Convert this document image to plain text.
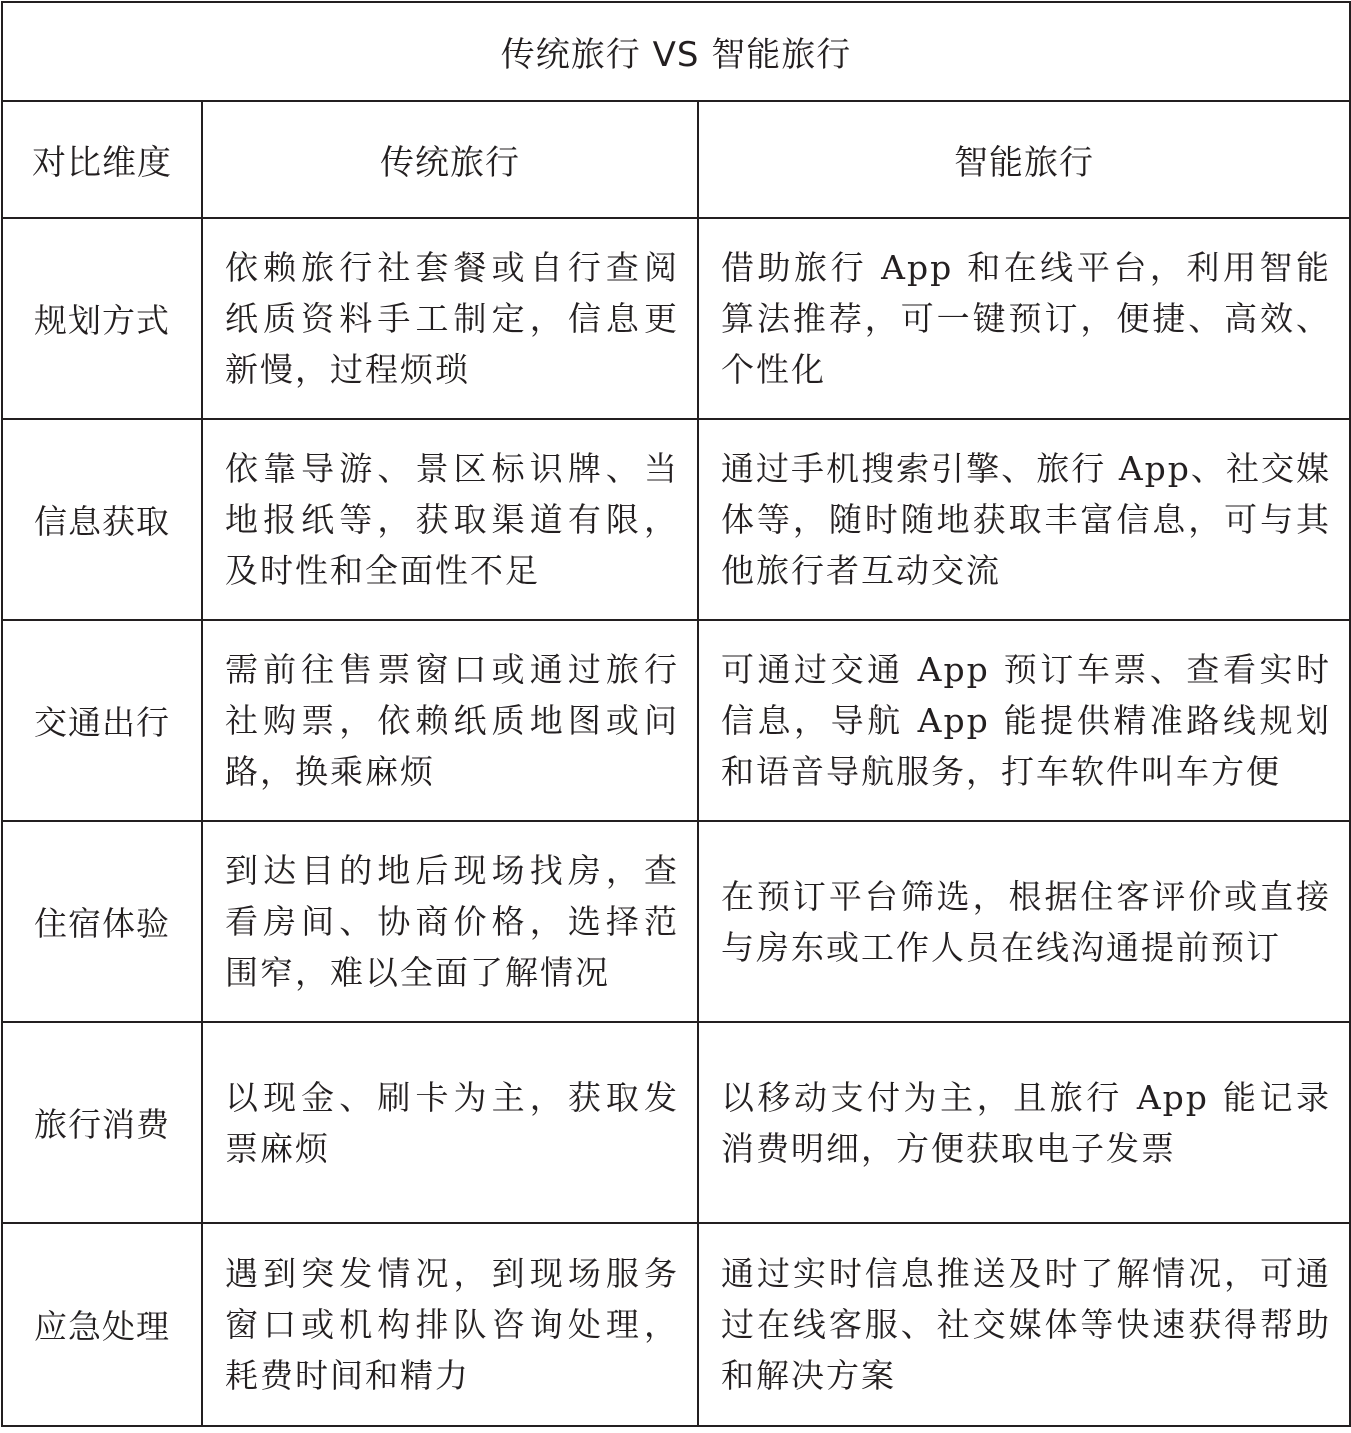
传统旅行 VS 智能旅行		
对比维度	传统旅行	智能旅行
规划方式	依赖旅行社套餐或自行查阅纸质资料手工制定，信息更新慢，过程烦琐	借助旅行 App 和在线平台，利用智能算法推荐，可一键预订，便捷、高效、个性化
信息获取	依靠导游、景区标识牌、当地报纸等，获取渠道有限，及时性和全面性不足	通过手机搜索引擎、旅行 App、社交媒体等，随时随地获取丰富信息，可与其他旅行者互动交流
交通出行	需前往售票窗口或通过旅行社购票，依赖纸质地图或问路，换乘麻烦	可通过交通 App 预订车票、查看实时信息，导航 App 能提供精准路线规划和语音导航服务，打车软件叫车方便
住宿体验	到达目的地后现场找房，查看房间、协商价格，选择范围窄，难以全面了解情况	在预订平台筛选，根据住客评价或直接与房东或工作人员在线沟通提前预订
旅行消费	以现金、刷卡为主，获取发票麻烦	以移动支付为主，且旅行 App 能记录消费明细，方便获取电子发票
应急处理	遇到突发情况，到现场服务窗口或机构排队咨询处理，耗费时间和精力	通过实时信息推送及时了解情况，可通过在线客服、社交媒体等快速获得帮助和解决方案
